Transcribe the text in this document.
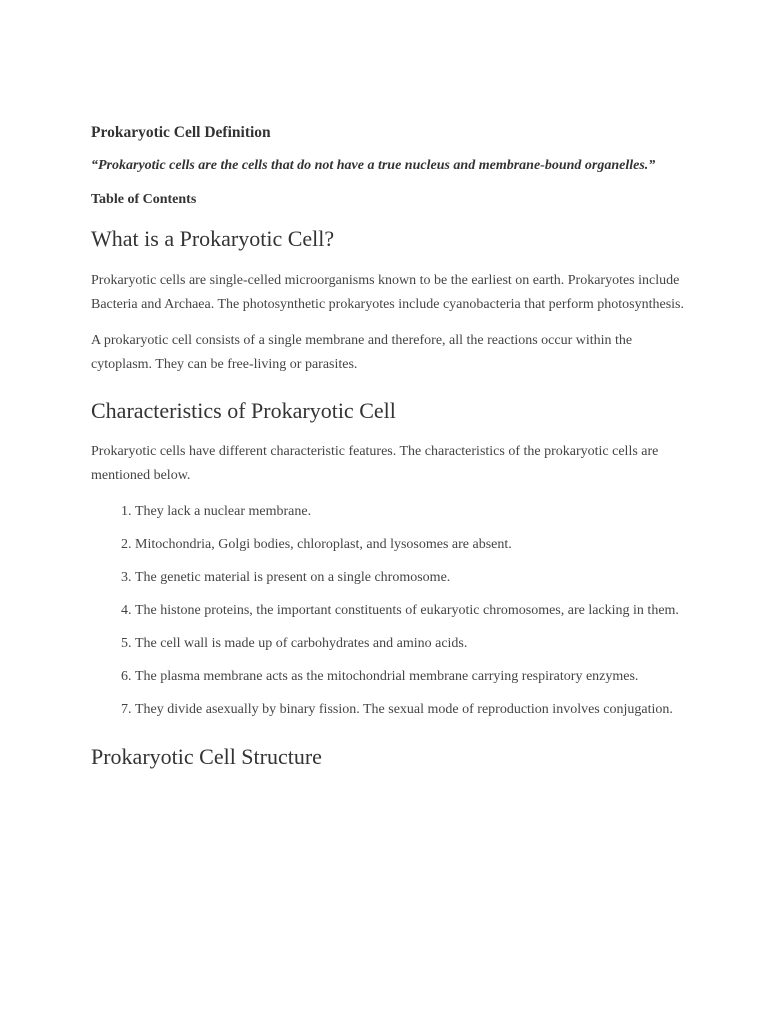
Prokaryotic Cell Definition

“Prokaryotic cells are the cells that do not have a true nucleus and membrane-bound organelles.”

Table of Contents

What is a Prokaryotic Cell?

Prokaryotic cells are single-celled microorganisms known to be the earliest on earth. Prokaryotes include Bacteria and Archaea. The photosynthetic prokaryotes include cyanobacteria that perform photosynthesis.

A prokaryotic cell consists of a single membrane and therefore, all the reactions occur within the cytoplasm. They can be free-living or parasites.

Characteristics of Prokaryotic Cell

Prokaryotic cells have different characteristic features. The characteristics of the prokaryotic cells are mentioned below.

1. They lack a nuclear membrane.
2. Mitochondria, Golgi bodies, chloroplast, and lysosomes are absent.
3. The genetic material is present on a single chromosome.
4. The histone proteins, the important constituents of eukaryotic chromosomes, are lacking in them.
5. The cell wall is made up of carbohydrates and amino acids.
6. The plasma membrane acts as the mitochondrial membrane carrying respiratory enzymes.
7. They divide asexually by binary fission. The sexual mode of reproduction involves conjugation.
Prokaryotic Cell Structure
